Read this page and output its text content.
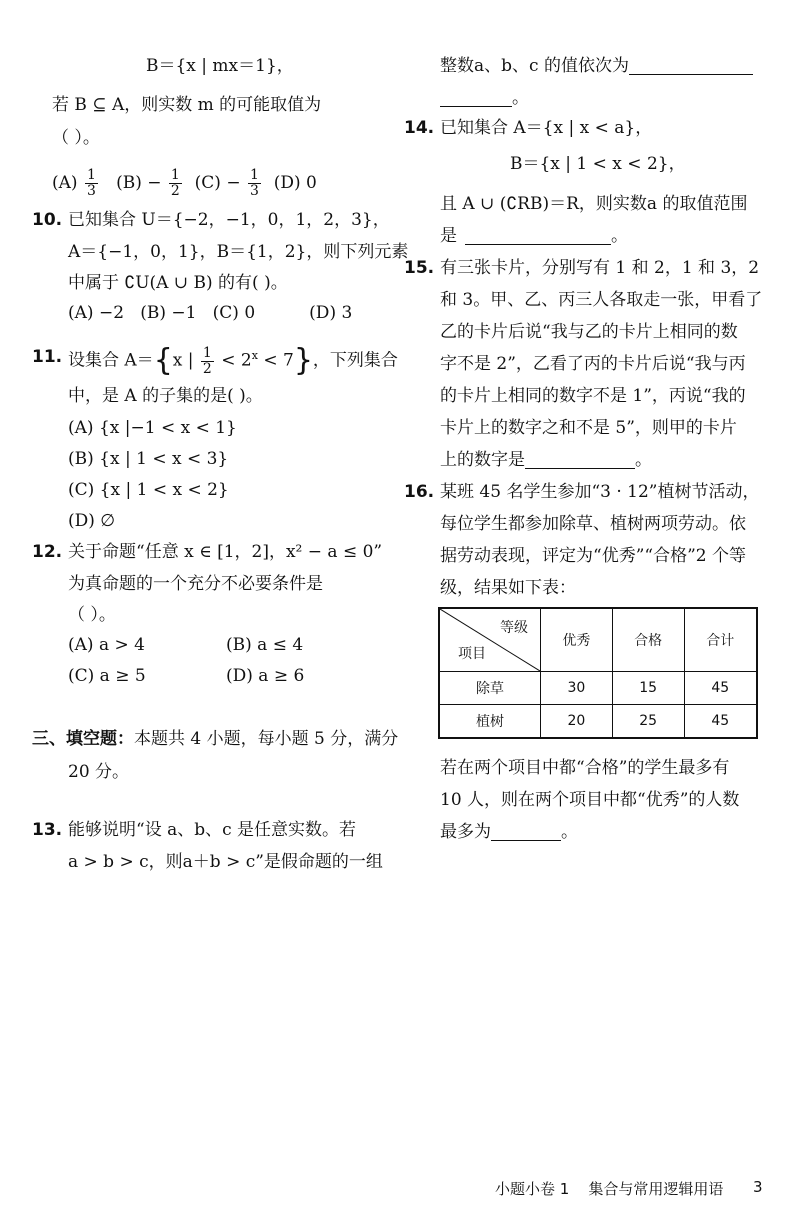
B＝{x | mx＝1}，
若 B ⊆ A，则实数 m 的可能取值为
（ ）。
$(A) \frac{1}{3} (B) - \frac{1}{2} (C) - \frac{1}{3} (D)$ 0
10. 已知集合 U＝{−2，−1，0，1，2，3}，
A＝{−1，0，1}，B＝{1，2}，则下列元素
中属于 ∁U(A ∪ B) 的有( )。
(A) −2   (B) −1   (C) 0          (D) 3
11. 设集合 A＝{x | $\frac{1}{2} < 2^x < 7$}，下列集合
中，是 A 的子集的是( )。
(A) {x |−1 < x < 1}
(B) {x | 1 < x < 3}
(C) {x | 1 < x < 2}
(D) ∅
12. 关于命题“任意 x ∈ [1，2]，x² − a ≤ 0”
为真命题的一个充分不必要条件是
（ ）。
(A) a > 4	(B) a ≤ 4
(C) a ≥ 5	(D) a ≥ 6
三、填空题：本题共 4 小题，每小题 5 分，满分
20 分。
13. 能够说明“设 a、b、c 是任意实数。若
a > b > c，则a＋b > c”是假命题的一组
整数a、b、c 的值依次为
。
14. 已知集合 A＝{x | x < a}，
B＝{x | 1 < x < 2}，
且 A ∪ (∁RB)＝R，则实数a 的取值范围
是	。
15. 有三张卡片，分别写有 1 和 2，1 和 3，2
和 3。甲、乙、丙三人各取走一张，甲看了
乙的卡片后说“我与乙的卡片上相同的数
字不是 2”，乙看了丙的卡片后说“我与丙
的卡片上相同的数字不是 1”，丙说“我的
卡片上的数字之和不是 5”，则甲的卡片
上的数字是	。
16. 某班 45 名学生参加“3 · 12”植树节活动，
每位学生都参加除草、植树两项劳动。依
据劳动表现，评定为“优秀”“合格”2 个等
级，结果如下表：
若在两个项目中都“合格”的学生最多有
10 人，则在两个项目中都“优秀”的人数
最多为	。
等级
项目	优秀	合格	合计
除草	30	15	45
植树	20	25	45
小题小卷 1    集合与常用逻辑用语 3
